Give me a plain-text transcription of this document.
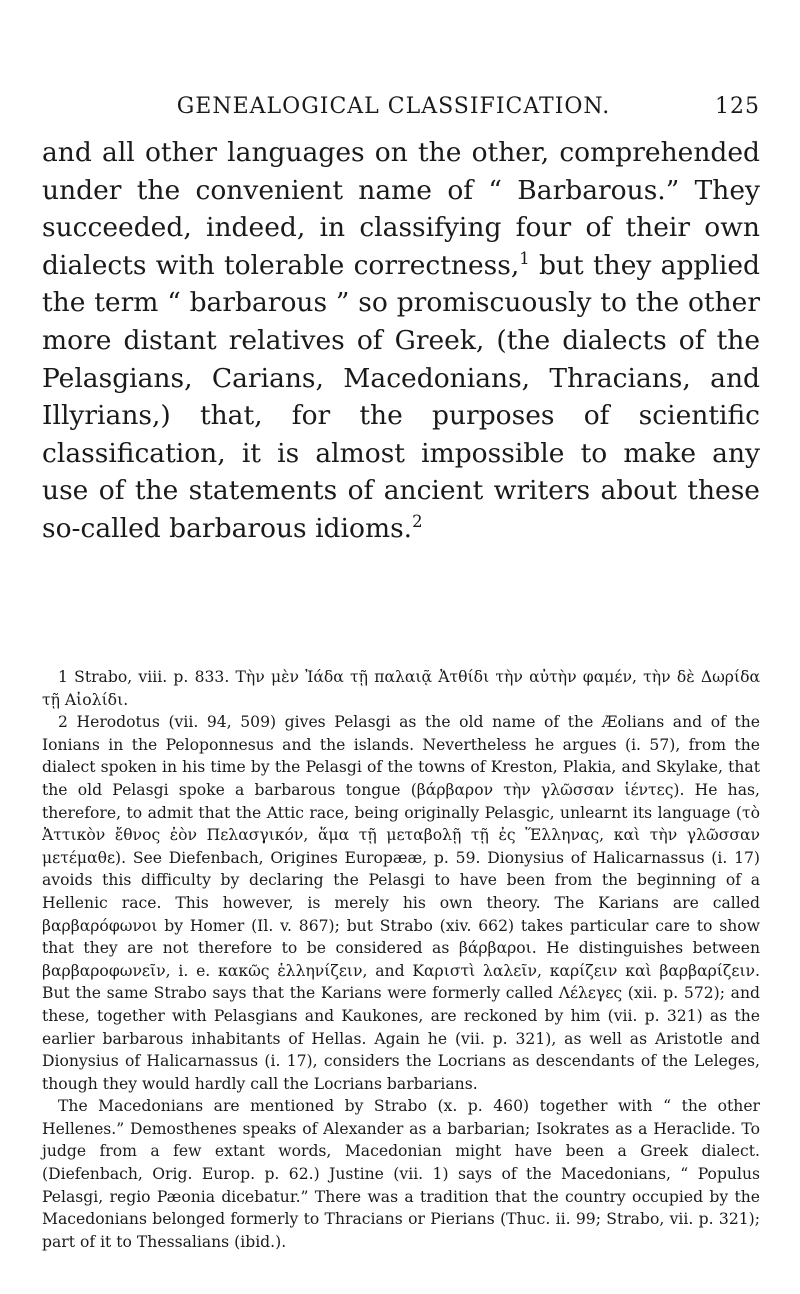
GENEALOGICAL CLASSIFICATION.	125
and all other languages on the other, comprehended under the convenient name of “ Barbarous.” They succeeded, indeed, in classifying four of their own dialects with tolerable correctness,$^1$ but they applied the term “ barbarous ” so promiscuously to the other more distant relatives of Greek, (the dialects of the Pelasgians, Carians, Macedonians, Thracians, and Illyrians,) that, for the purposes of scientific classification, it is almost impossible to make any use of the statements of ancient writers about these so-called barbarous idioms.$^2$

1 Strabo, viii. p. 833. Τὴν μὲν Ἰάδα τῇ παλαιᾷ Ἀτθίδι τὴν αὐτὴν φαμέν, τὴν δὲ Δωρίδα τῇ Αἰολίδι.

2 Herodotus (vii. 94, 509) gives Pelasgi as the old name of the Æolians and of the Ionians in the Peloponnesus and the islands. Nevertheless he argues (i. 57), from the dialect spoken in his time by the Pelasgi of the towns of Kreston, Plakia, and Skylake, that the old Pelasgi spoke a barbarous tongue (βάρβαρον τὴν γλῶσσαν ἱέντες). He has, therefore, to admit that the Attic race, being originally Pelasgic, unlearnt its language (τὸ Ἀττικὸν ἔθνος ἐὸν Πελασγικόν, ἅμα τῇ μεταβολῇ τῇ ἐς Ἕλληνας, καὶ τὴν γλῶσσαν μετέμαθε). See Diefenbach, Origines Europææ, p. 59. Dionysius of Halicarnassus (i. 17) avoids this difficulty by declaring the Pelasgi to have been from the beginning of a Hellenic race. This however, is merely his own theory. The Karians are called βαρβαρόφωνοι by Homer (Il. v. 867); but Strabo (xiv. 662) takes particular care to show that they are not therefore to be considered as βάρβαροι. He distinguishes between βαρβαροφωνεῖν, i. e. κακῶς ἑλληνίζειν, and Καριστὶ λαλεῖν, καρίζειν καὶ βαρβαρίζειν. But the same Strabo says that the Karians were formerly called Λέλεγες (xii. p. 572); and these, together with Pelasgians and Kaukones, are reckoned by him (vii. p. 321) as the earlier barbarous inhabitants of Hellas. Again he (vii. p. 321), as well as Aristotle and Dionysius of Halicarnassus (i. 17), considers the Locrians as descendants of the Leleges, though they would hardly call the Locrians barbarians.

The Macedonians are mentioned by Strabo (x. p. 460) together with “ the other Hellenes.” Demosthenes speaks of Alexander as a barbarian; Isokrates as a Heraclide. To judge from a few extant words, Macedonian might have been a Greek dialect. (Diefenbach, Orig. Europ. p. 62.) Justine (vii. 1) says of the Macedonians, “ Populus Pelasgi, regio Pæonia dicebatur.” There was a tradition that the country occupied by the Macedonians belonged formerly to Thracians or Pierians (Thuc. ii. 99; Strabo, vii. p. 321); part of it to Thessalians (ibid.).
